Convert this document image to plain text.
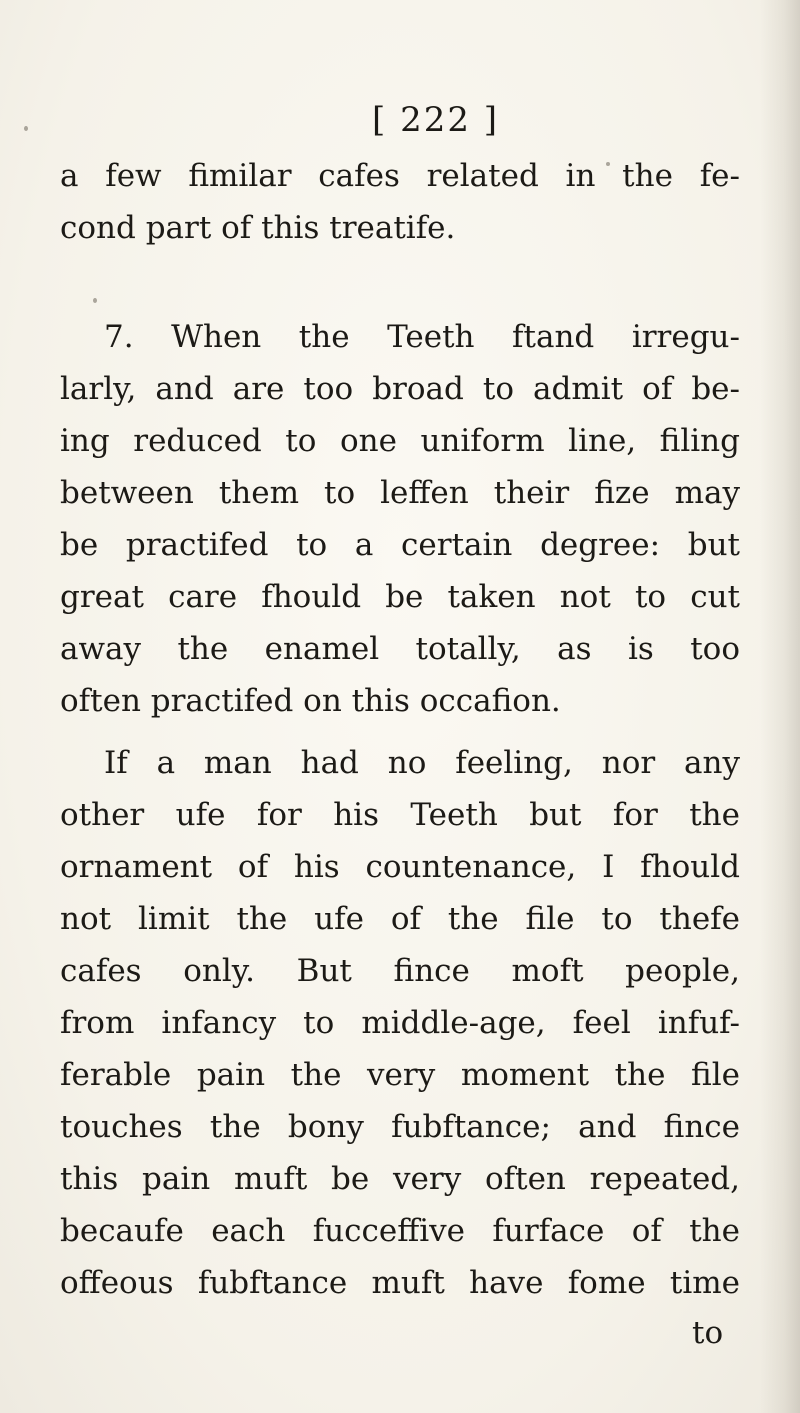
[ 222 ]
a few fimilar cafes related in the fe-
cond part of this treatife.
7. When the Teeth ftand irregu-
larly, and are too broad to admit of be-
ing reduced to one uniform line, filing
between them to leffen their fize may
be practifed to a certain degree: but
great care fhould be taken not to cut
away the enamel totally, as is too
often practifed on this occafion.
If a man had no feeling, nor any
other ufe for his Teeth but for the
ornament of his countenance, I fhould
not limit the ufe of the file to thefe
cafes only. But fince moft people,
from infancy to middle-age, feel infuf-
ferable pain the very moment the file
touches the bony fubftance; and fince
this pain muft be very often repeated,
becaufe each fucceffive furface of the
offeous fubftance muft have fome time
to
